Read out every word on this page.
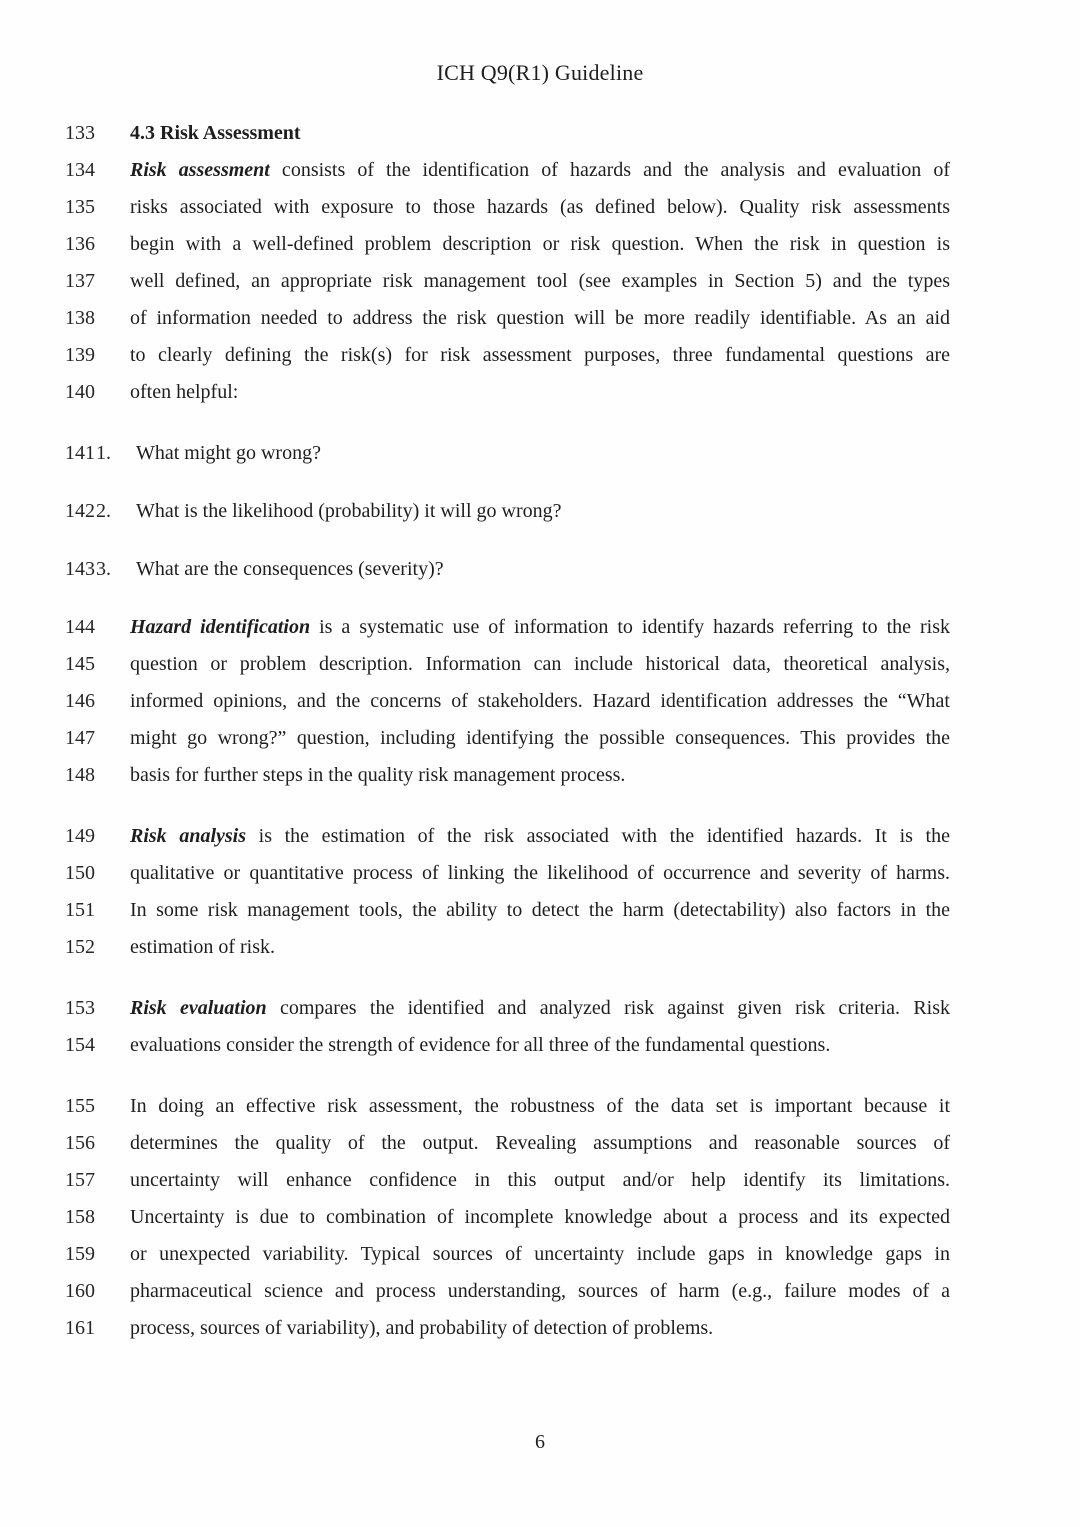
ICH Q9(R1) Guideline
133	4.3 Risk Assessment
134	Risk assessment consists of the identification of hazards and the analysis and evaluation of
135	risks associated with exposure to those hazards (as defined below). Quality risk assessments
136	begin with a well-defined problem description or risk question. When the risk in question is
137	well defined, an appropriate risk management tool (see examples in Section 5) and the types
138	of information needed to address the risk question will be more readily identifiable. As an aid
139	to clearly defining the risk(s) for risk assessment purposes, three fundamental questions are
140	often helpful:
1411.	What might go wrong?
1422.	What is the likelihood (probability) it will go wrong?
1433.	What are the consequences (severity)?
144	Hazard identification is a systematic use of information to identify hazards referring to the risk
145	question or problem description. Information can include historical data, theoretical analysis,
146	informed opinions, and the concerns of stakeholders. Hazard identification addresses the “What
147	might go wrong?” question, including identifying the possible consequences. This provides the
148	basis for further steps in the quality risk management process.
149	Risk analysis is the estimation of the risk associated with the identified hazards. It is the
150	qualitative or quantitative process of linking the likelihood of occurrence and severity of harms.
151	In some risk management tools, the ability to detect the harm (detectability) also factors in the
152	estimation of risk.
153	Risk evaluation compares the identified and analyzed risk against given risk criteria. Risk
154	evaluations consider the strength of evidence for all three of the fundamental questions.
155	In doing an effective risk assessment, the robustness of the data set is important because it
156	determines the quality of the output. Revealing assumptions and reasonable sources of
157	uncertainty will enhance confidence in this output and/or help identify its limitations.
158	Uncertainty is due to combination of incomplete knowledge about a process and its expected
159	or unexpected variability. Typical sources of uncertainty include gaps in knowledge gaps in
160	pharmaceutical science and process understanding, sources of harm (e.g., failure modes of a
161	process, sources of variability), and probability of detection of problems.
6
